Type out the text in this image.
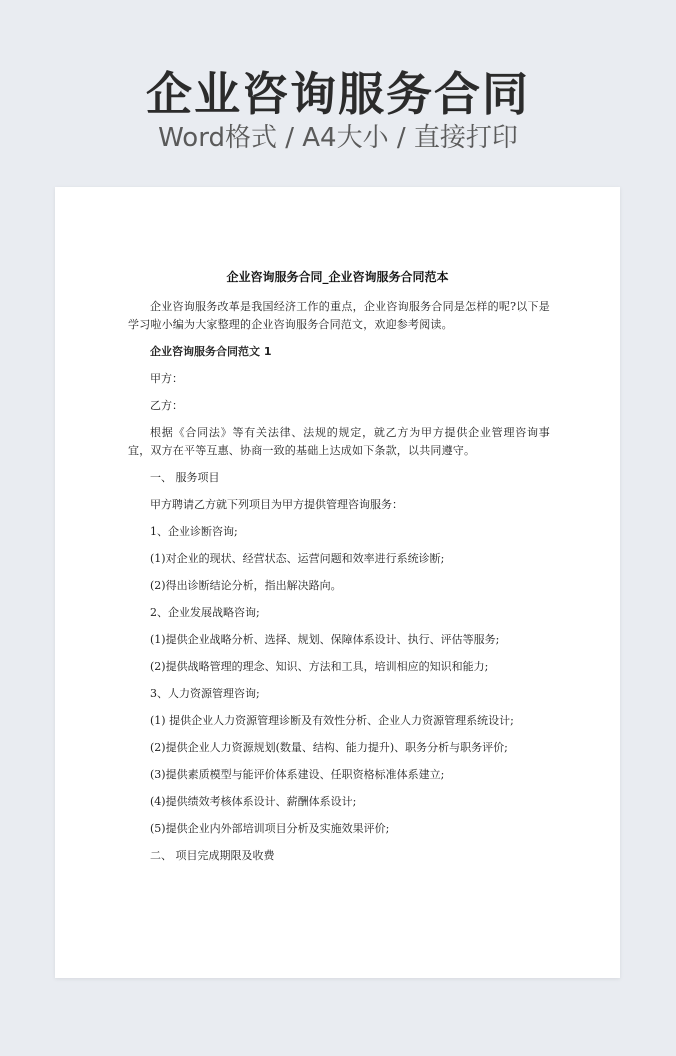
企业咨询服务合同
Word格式 / A4大小 / 直接打印
企业咨询服务合同_企业咨询服务合同范本

企业咨询服务改革是我国经济工作的重点，企业咨询服务合同是怎样的呢?以下是学习啦小编为大家整理的企业咨询服务合同范文，欢迎参考阅读。

企业咨询服务合同范文 1

甲方：

乙方：

根据《合同法》等有关法律、法规的规定，就乙方为甲方提供企业管理咨询事宜，双方在平等互惠、协商一致的基础上达成如下条款，以共同遵守。

一、 服务项目

甲方聘请乙方就下列项目为甲方提供管理咨询服务：

1、企业诊断咨询;

(1)对企业的现状、经营状态、运营问题和效率进行系统诊断;

(2)得出诊断结论分析，指出解决路向。

2、企业发展战略咨询;

(1)提供企业战略分析、选择、规划、保障体系设计、执行、评估等服务;

(2)提供战略管理的理念、知识、方法和工具，培训相应的知识和能力;

3、人力资源管理咨询;

(1) 提供企业人力资源管理诊断及有效性分析、企业人力资源管理系统设计;

(2)提供企业人力资源规划(数量、结构、能力提升)、职务分析与职务评价;

(3)提供素质模型与能评价体系建设、任职资格标准体系建立;

(4)提供绩效考核体系设计、薪酬体系设计;

(5)提供企业内外部培训项目分析及实施效果评价;

二、 项目完成期限及收费
